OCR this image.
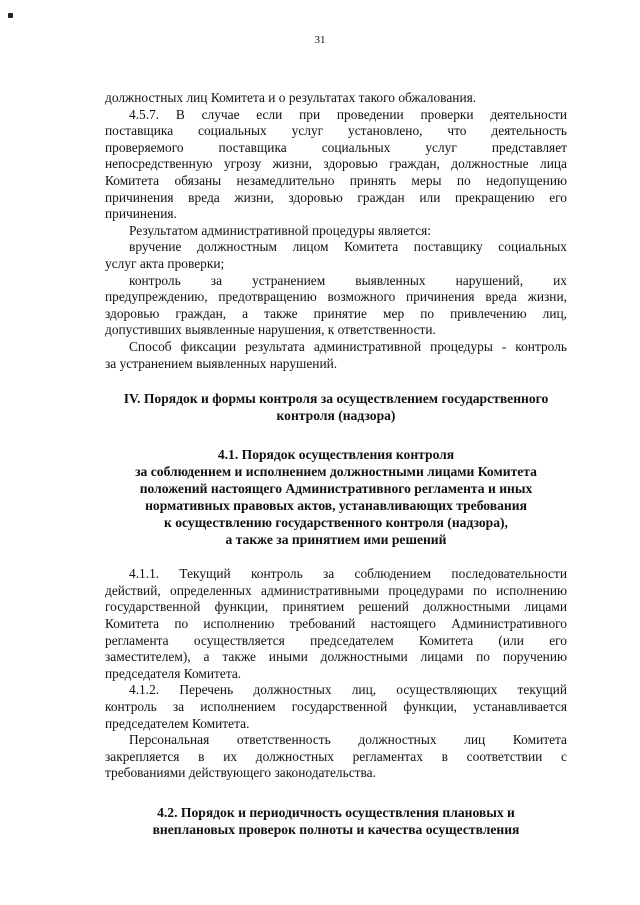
31

должностных лиц Комитета и о результатах такого обжалования.

4.5.7. В случае если при проведении проверки деятельности

поставщика социальных услуг установлено, что деятельность

проверяемого поставщика социальных услуг представляет

непосредственную угрозу жизни, здоровью граждан, должностные лица

Комитета обязаны незамедлительно принять меры по недопущению

причинения вреда жизни, здоровью граждан или прекращению его

причинения.

Результатом административной процедуры является:

вручение должностным лицом Комитета поставщику социальных

услуг акта проверки;

контроль за устранением выявленных нарушений, их

предупреждению, предотвращению возможного причинения вреда жизни,

здоровью граждан, а также принятие мер по привлечению лиц,

допустивших выявленные нарушения, к ответственности.

Способ фиксации результата административной процедуры - контроль

за устранением выявленных нарушений.

IV. Порядок и формы контроля за осуществлением государственного

контроля (надзора)

4.1. Порядок осуществления контроля

за соблюдением и исполнением должностными лицами Комитета

положений настоящего Административного регламента и иных

нормативных правовых актов, устанавливающих требования

к осуществлению государственного контроля (надзора),

а также за принятием ими решений

4.1.1. Текущий контроль за соблюдением последовательности

действий, определенных административными процедурами по исполнению

государственной функции, принятием решений должностными лицами

Комитета по исполнению требований настоящего Административного

регламента осуществляется председателем Комитета (или его

заместителем), а также иными должностными лицами по поручению

председателя Комитета.

4.1.2. Перечень должностных лиц, осуществляющих текущий

контроль за исполнением государственной функции, устанавливается

председателем Комитета.

Персональная ответственность должностных лиц Комитета

закрепляется в их должностных регламентах в соответствии с

требованиями действующего законодательства.

4.2. Порядок и периодичность осуществления плановых и

внеплановых проверок полноты и качества осуществления
